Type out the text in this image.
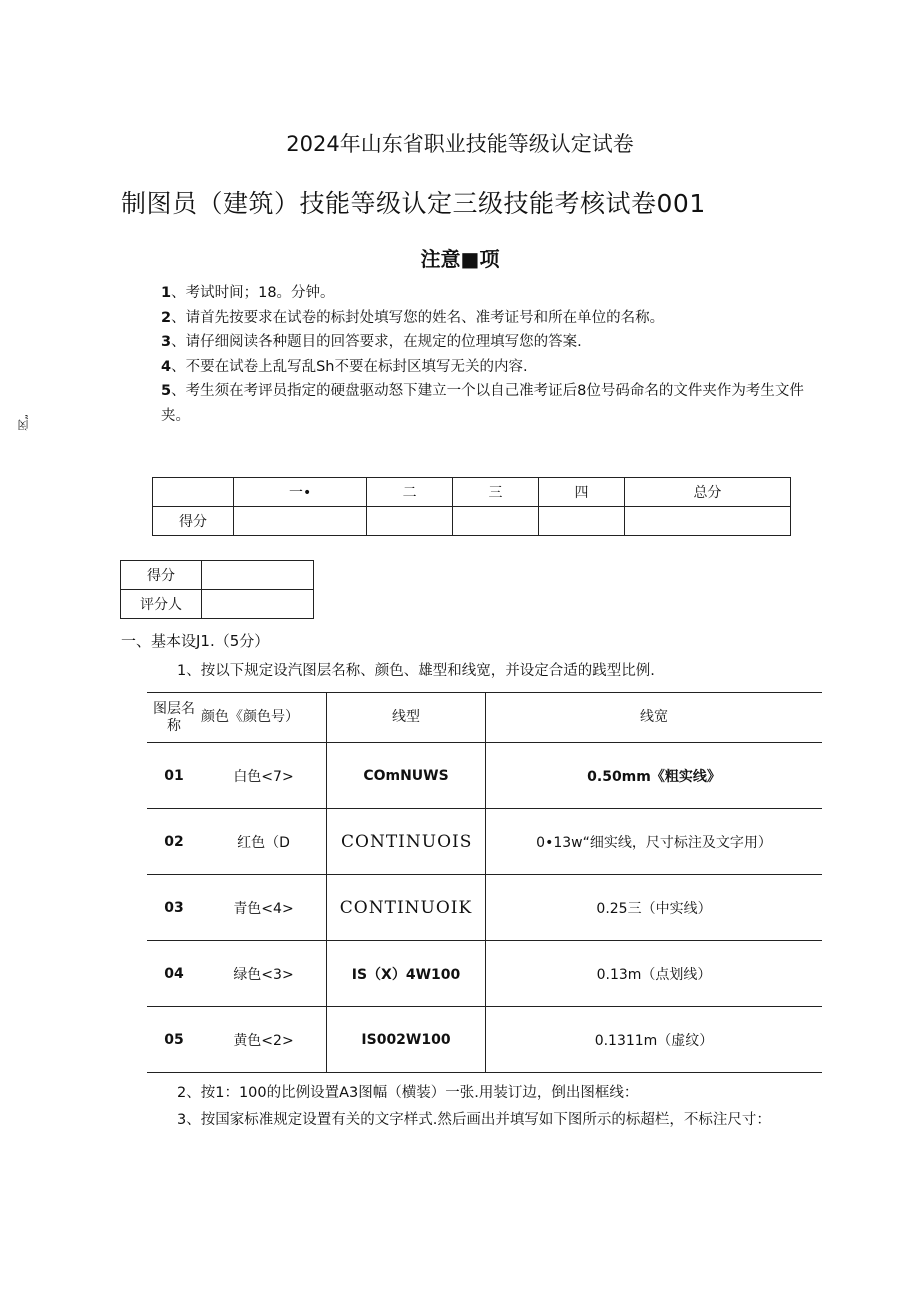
2024年山东省职业技能等级认定试卷
制图员（建筑）技能等级认定三级技能考核试卷001
注意■项

1、考试时间；18。分钟。

2、请首先按要求在试卷的标封处填写您的姓名、准考证号和所在单位的名称。

3、请仔细阅读各种题目的回答要求，在规定的位理填写您的答案.

4、不要在试卷上乱写乱Sh不要在标封区填写无关的内容.

5、考生须在考评员指定的硬盘驱动怒下建立一个以自己准考证后8位号码命名的文件夹作为考生文件夹。

闵„
	一•	二	三	四	总分
得分					
得分	
评分人	
一、基本设J1.（5分）
1、按以下规定设汽图层名称、颜色、雄型和线宽，并设定合适的践型比例.
图层名称	颜色《颜色号）	线型	线宽
01	白色<7>	COmNUWS	0.50mm《粗实线》
02	红色（D	CONTINUOIS	0•13w“细实线，尺寸标注及文字用）
03	青色<4>	CONTINUOIK	0.25三（中实线）
04	绿色<3>	IS（X）4W100	0.13m（点划线）
05	黄色<2>	IS002W100	0.1311m（虚纹）
2、按1：100的比例设置A3图幅（横装）一张.用装订边，倒出图框线：
3、按国家标准规定设置有关的文字样式.然后画出并填写如下图所示的标超栏，不标注尺寸：
